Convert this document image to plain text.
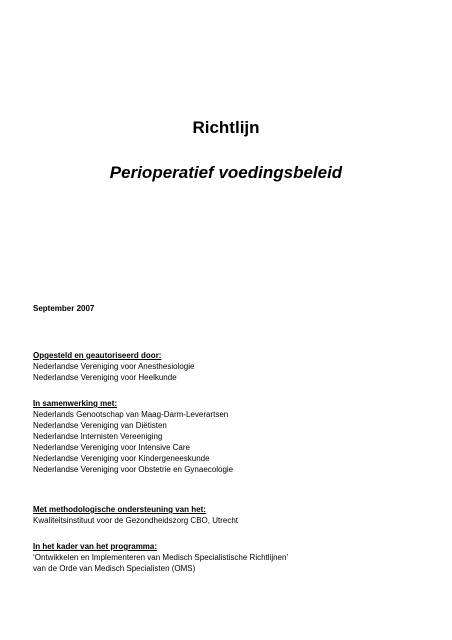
Richtlijn
Perioperatief voedingsbeleid
September 2007
Opgesteld en geautoriseerd door:
Nederlandse Vereniging voor Anesthesiologie
Nederlandse Vereniging voor Heelkunde
In samenwerking met:
Nederlands Genootschap van Maag-Darm-Leverartsen
Nederlandse Vereniging van Diëtisten
Nederlandse Internisten Vereeniging
Nederlandse Vereniging voor Intensive Care
Nederlandse Vereniging voor Kindergeneeskunde
Nederlandse Vereniging voor Obstetrie en Gynaecologie
Met methodologische ondersteuning van het:
Kwaliteitsinstituut voor de Gezondheidszorg CBO, Utrecht
In het kader van het programma:
‘Ontwikkelen en Implementeren van Medisch Specialistische Richtlijnen’
van de Orde van Medisch Specialisten (OMS)
